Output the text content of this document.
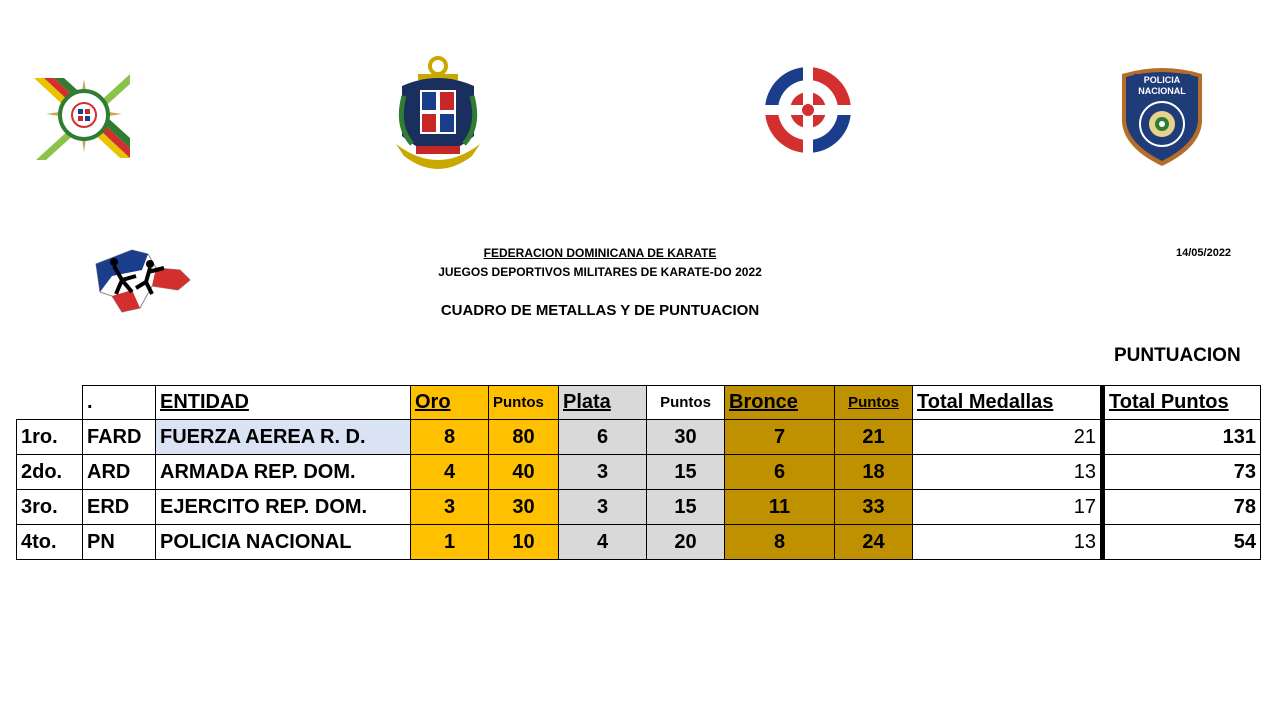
POLICIA
NACIONAL
FEDERACION DOMINICANA DE KARATE
JUEGOS DEPORTIVOS MILITARES DE KARATE-DO 2022
CUADRO DE METALLAS Y DE PUNTUACION
14/05/2022
PUNTUACION
	.	ENTIDAD	Oro	Puntos	Plata	Puntos	Bronce	Puntos	Total Medallas	Total Puntos
1ro.	FARD	FUERZA AEREA R. D.	8	80	6	30	7	21	21	131
2do.	ARD	ARMADA REP. DOM.	4	40	3	15	6	18	13	73
3ro.	ERD	EJERCITO REP. DOM.	3	30	3	15	11	33	17	78
4to.	PN	POLICIA NACIONAL	1	10	4	20	8	24	13	54
